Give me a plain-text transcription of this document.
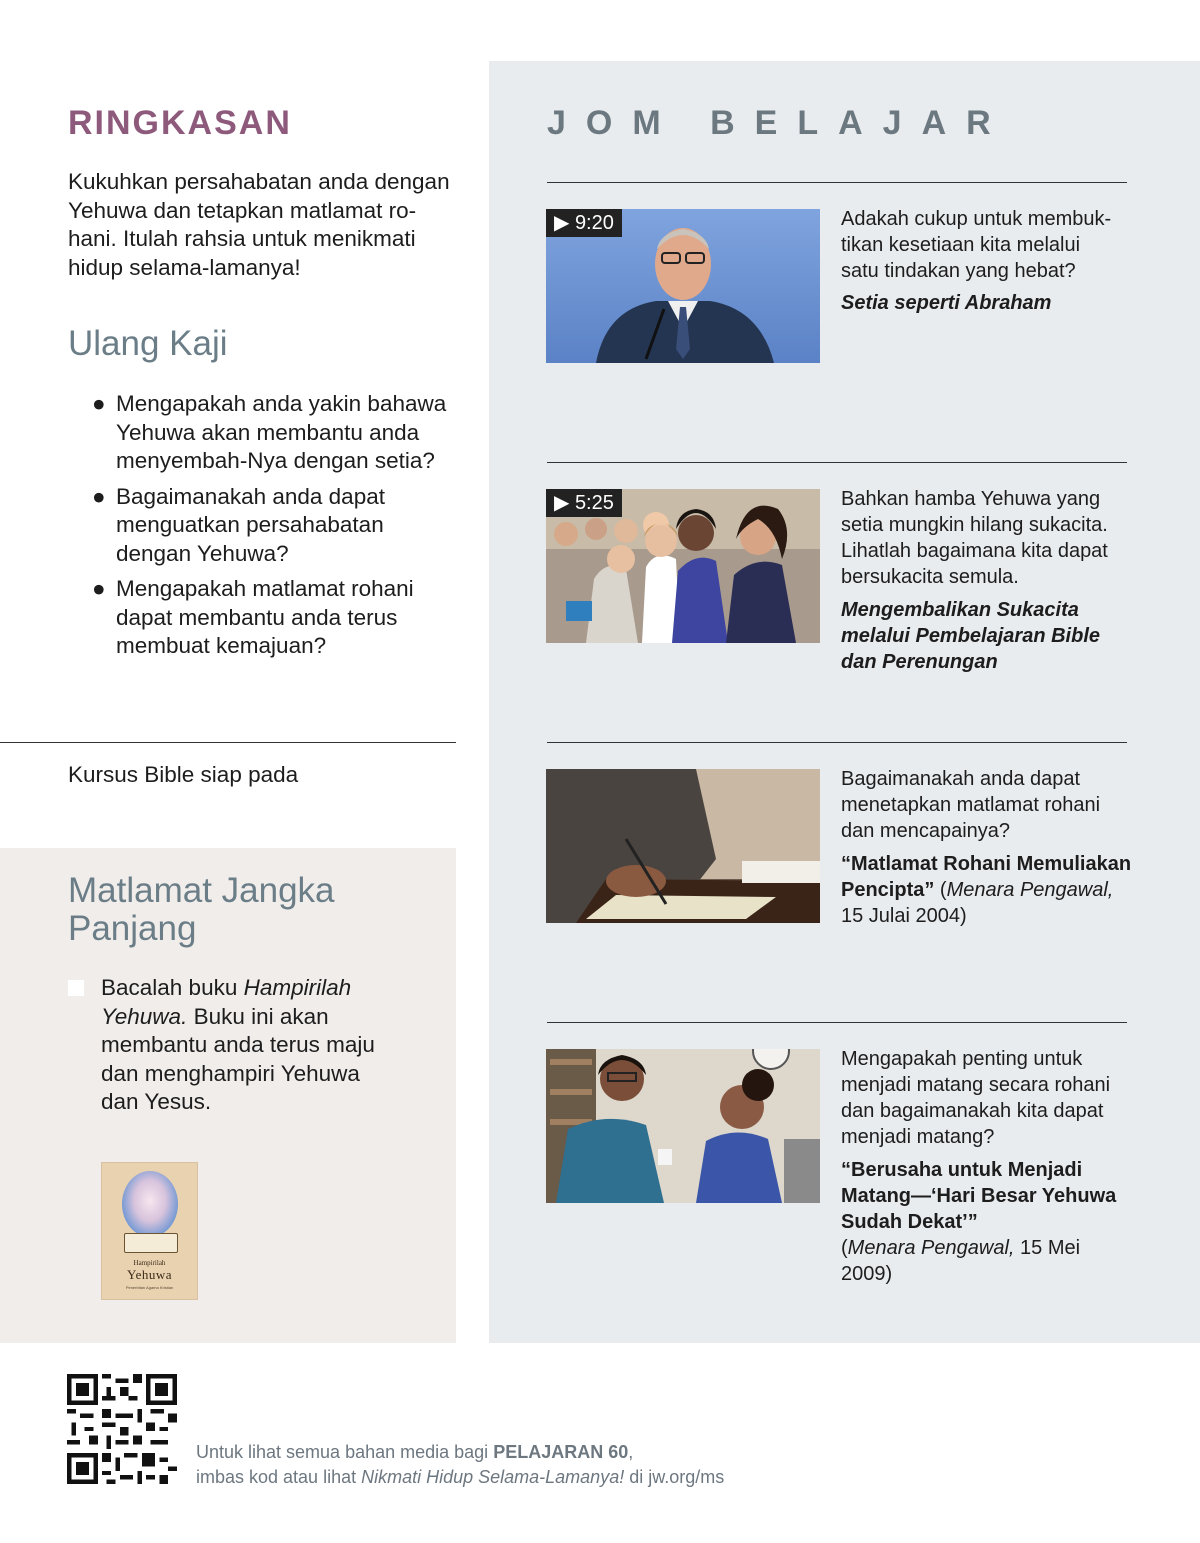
RINGKASAN
Kukuhkan persahabatan anda dengan
Yehuwa dan tetapkan matlamat ro-
hani. Itulah rahsia untuk menikmati
hidup selama-lamanya!
Ulang Kaji
● Mengapakah anda yakin bahawa
Yehuwa akan membantu anda
menyembah-Nya dengan setia?
● Bagaimanakah anda dapat
menguatkan persahabatan
dengan Yehuwa?
● Mengapakah matlamat rohani
dapat membantu anda terus
membuat kemajuan?
Kursus Bible siap pada
Matlamat Jangka
Panjang
Bacalah buku Hampirilah
Yehuwa. Buku ini akan
membantu anda terus maju
dan menghampiri Yehuwa
dan Yesus.
Hampirilah
Yehuwa
Penerbitan Agama Kristian
JOM BELAJAR
▶ 9:20	Adakah cukup untuk membuk-
tikan kesetiaan kita melalui
satu tindakan yang hebat?
Setia seperti Abraham
▶ 5:25	Bahkan hamba Yehuwa yang
setia mungkin hilang sukacita.
Lihatlah bagaimana kita dapat
bersukacita semula.
Mengembalikan Sukacita
melalui Pembelajaran Bible
dan Perenungan
Bagaimanakah anda dapat
menetapkan matlamat rohani
dan mencapainya?
“Matlamat Rohani Memuliakan
Pencipta” (Menara Pengawal,
15 Julai 2004)
Mengapakah penting untuk
menjadi matang secara rohani
dan bagaimanakah kita dapat
menjadi matang?
“Berusaha untuk Menjadi
Matang—‘Hari Besar Yehuwa
Sudah Dekat’”
(Menara Pengawal, 15 Mei 2009)
Untuk lihat semua bahan media bagi PELAJARAN 60,
imbas kod atau lihat Nikmati Hidup Selama-Lamanya! di jw.org/ms
